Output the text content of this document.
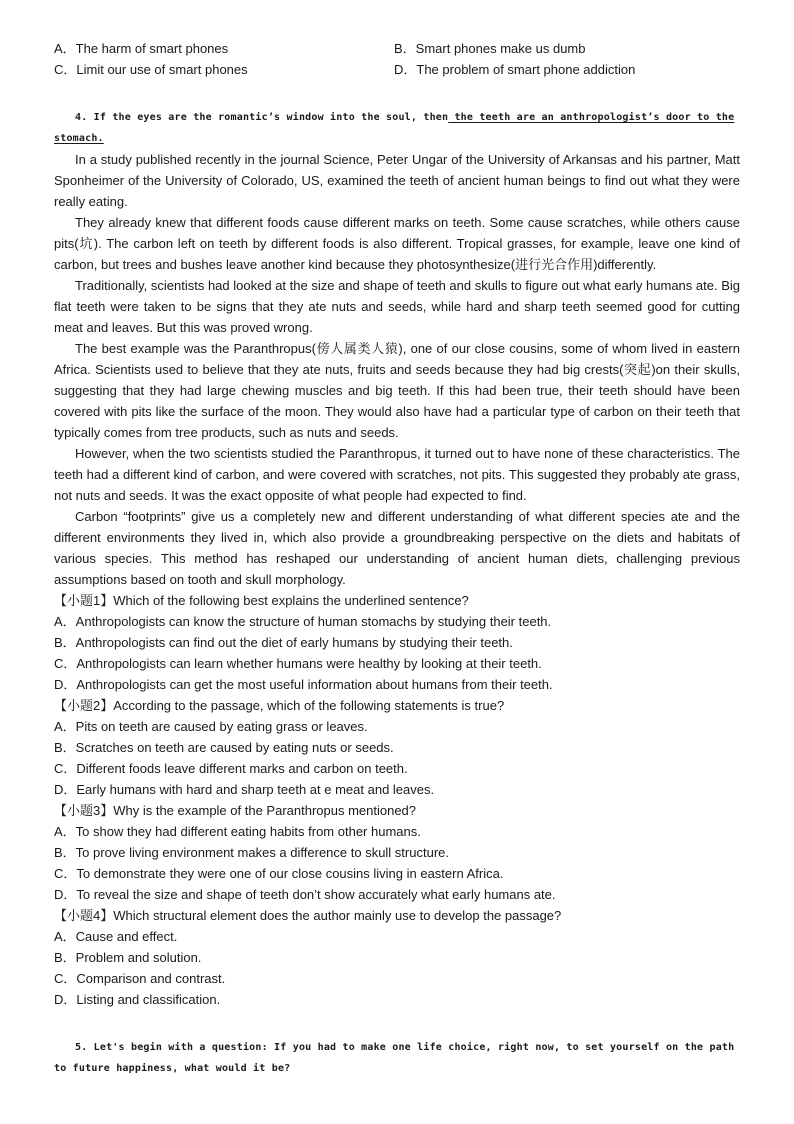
A．The harm of smart phones	B．Smart phones make us dumb
C．Limit our use of smart phones	D．The problem of smart phone addiction
4. If the eyes are the romantic’s window into the soul, then the teeth are an anthropologist’s door to the stomach.

In a study published recently in the journal Science, Peter Ungar of the University of Arkansas and his partner, Matt Sponheimer of the University of Colorado, US, examined the teeth of ancient human beings to find out what they were really eating.

They already knew that different foods cause different marks on teeth. Some cause scratches, while others cause pits(坑). The carbon left on teeth by different foods is also different. Tropical grasses, for example, leave one kind of carbon, but trees and bushes leave another kind because they photosynthesize(进行光合作用)differently.

Traditionally, scientists had looked at the size and shape of teeth and skulls to figure out what early humans ate. Big flat teeth were taken to be signs that they ate nuts and seeds, while hard and sharp teeth seemed good for cutting meat and leaves. But this was proved wrong.

The best example was the Paranthropus(傍人属类人猿), one of our close cousins, some of whom lived in eastern Africa. Scientists used to believe that they ate nuts, fruits and seeds because they had big crests(突起)on their skulls, suggesting that they had large chewing muscles and big teeth. If this had been true, their teeth should have been covered with pits like the surface of the moon. They would also have had a particular type of carbon on their teeth that typically comes from tree products, such as nuts and seeds.

However, when the two scientists studied the Paranthropus, it turned out to have none of these characteristics. The teeth had a different kind of carbon, and were covered with scratches, not pits. This suggested they probably ate grass, not nuts and seeds. It was the exact opposite of what people had expected to find.

Carbon “footprints” give us a completely new and different understanding of what different species ate and the different environments they lived in, which also provide a groundbreaking perspective on the diets and habitats of various species. This method has reshaped our understanding of ancient human diets, challenging previous assumptions based on tooth and skull morphology.

【小题1】Which of the following best explains the underlined sentence?

A．Anthropologists can know the structure of human stomachs by studying their teeth.

B．Anthropologists can find out the diet of early humans by studying their teeth.

C．Anthropologists can learn whether humans were healthy by looking at their teeth.

D．Anthropologists can get the most useful information about humans from their teeth.

【小题2】According to the passage, which of the following statements is true?

A．Pits on teeth are caused by eating grass or leaves.

B．Scratches on teeth are caused by eating nuts or seeds.

C．Different foods leave different marks and carbon on teeth.

D．Early humans with hard and sharp teeth at e meat and leaves.

【小题3】Why is the example of the Paranthropus mentioned?

A．To show they had different eating habits from other humans.

B．To prove living environment makes a difference to skull structure.

C．To demonstrate they were one of our close cousins living in eastern Africa.

D．To reveal the size and shape of teeth don’t show accurately what early humans ate.

【小题4】Which structural element does the author mainly use to develop the passage?

A．Cause and effect.

B．Problem and solution.

C．Comparison and contrast.

D．Listing and classification.

5. Let's begin with a question: If you had to make one life choice, right now, to set yourself on the path to future happiness, what would it be?
